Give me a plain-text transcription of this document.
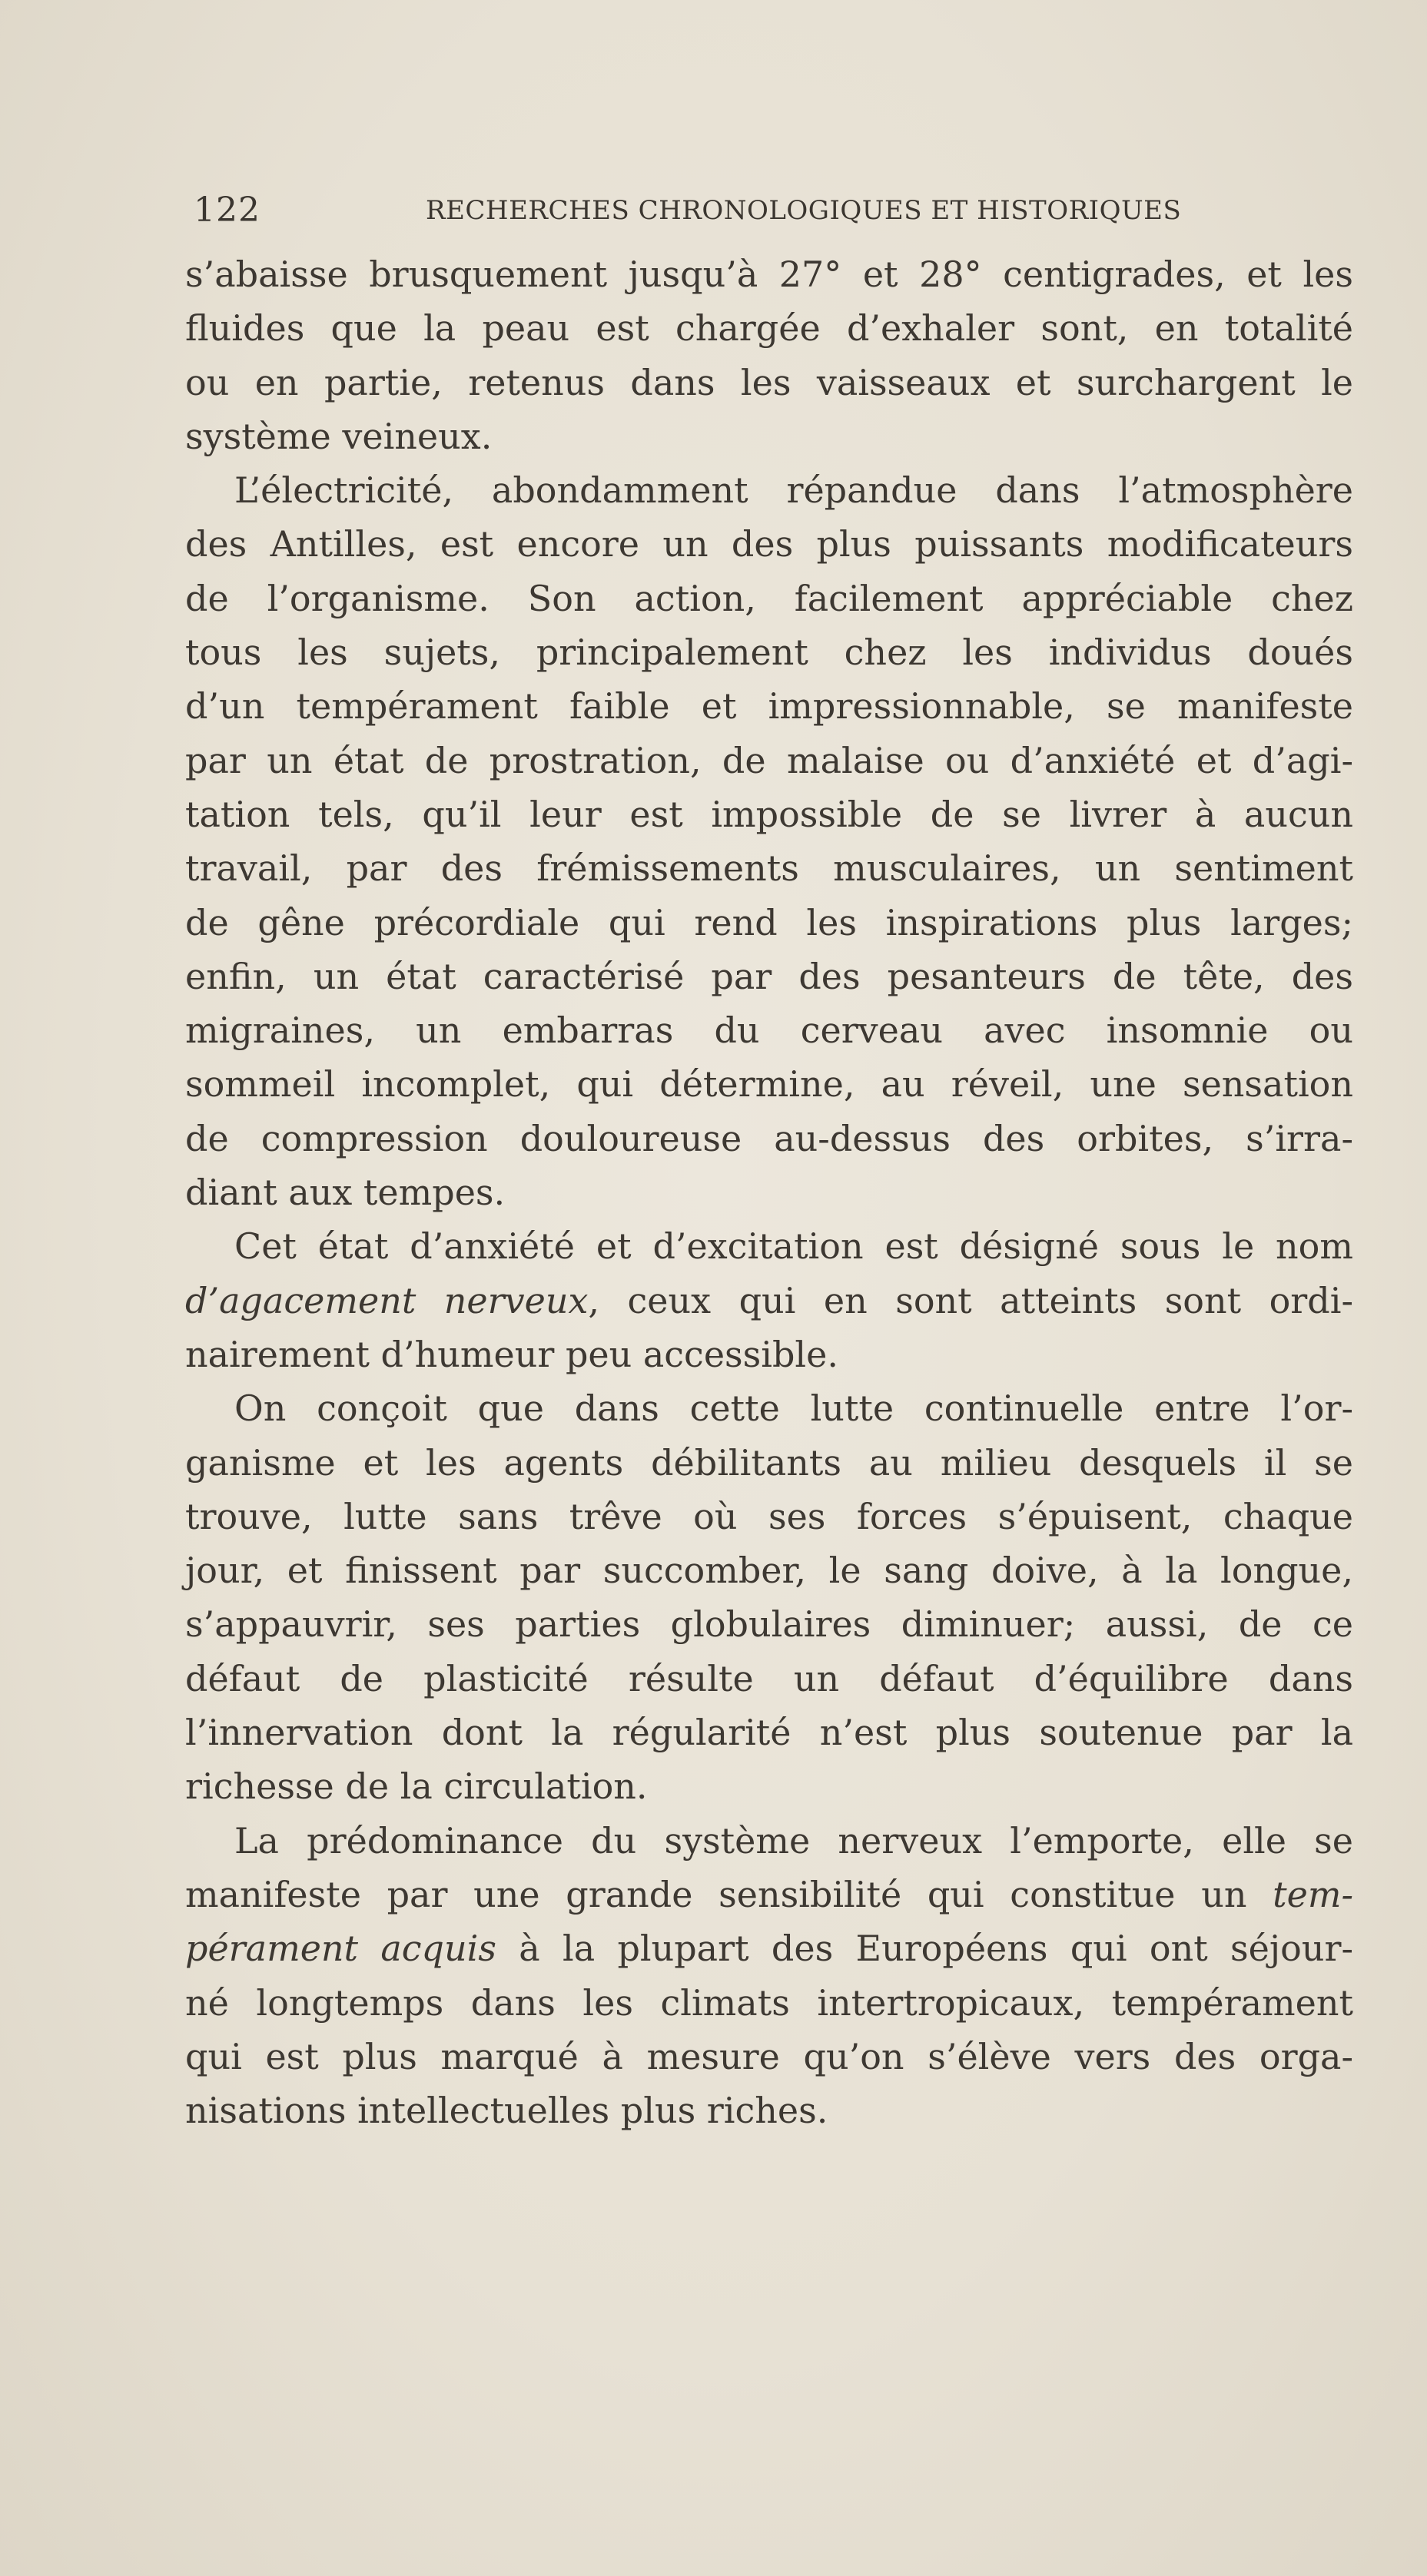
122	RECHERCHES CHRONOLOGIQUES ET HISTORIQUES
s’abaisse brusquement jusqu’à 27° et 28° centigrades, et les
fluides que la peau est chargée d’exhaler sont, en totalité
ou en partie, retenus dans les vaisseaux et surchargent le
système veineux.
L’électricité, abondamment répandue dans l’atmosphère
des Antilles, est encore un des plus puissants modificateurs
de l’organisme. Son action, facilement appréciable chez
tous les sujets, principalement chez les individus doués
d’un tempérament faible et impressionnable, se manifeste
par un état de prostration, de malaise ou d’anxiété et d’agi-
tation tels, qu’il leur est impossible de se livrer à aucun
travail, par des frémissements musculaires, un sentiment
de gêne précordiale qui rend les inspirations plus larges;
enfin, un état caractérisé par des pesanteurs de tête, des
migraines, un embarras du cerveau avec insomnie ou
sommeil incomplet, qui détermine, au réveil, une sensation
de compression douloureuse au-dessus des orbites, s’irra-
diant aux tempes.
Cet état d’anxiété et d’excitation est désigné sous le nom
d’agacement nerveux, ceux qui en sont atteints sont ordi-
nairement d’humeur peu accessible.
On conçoit que dans cette lutte continuelle entre l’or-
ganisme et les agents débilitants au milieu desquels il se
trouve, lutte sans trêve où ses forces s’épuisent, chaque
jour, et finissent par succomber, le sang doive, à la longue,
s’appauvrir, ses parties globulaires diminuer; aussi, de ce
défaut de plasticité résulte un défaut d’équilibre dans
l’innervation dont la régularité n’est plus soutenue par la
richesse de la circulation.
La prédominance du système nerveux l’emporte, elle se
manifeste par une grande sensibilité qui constitue un tem-
pérament acquis à la plupart des Européens qui ont séjour-
né longtemps dans les climats intertropicaux, tempérament
qui est plus marqué à mesure qu’on s’élève vers des orga-
nisations intellectuelles plus riches.
